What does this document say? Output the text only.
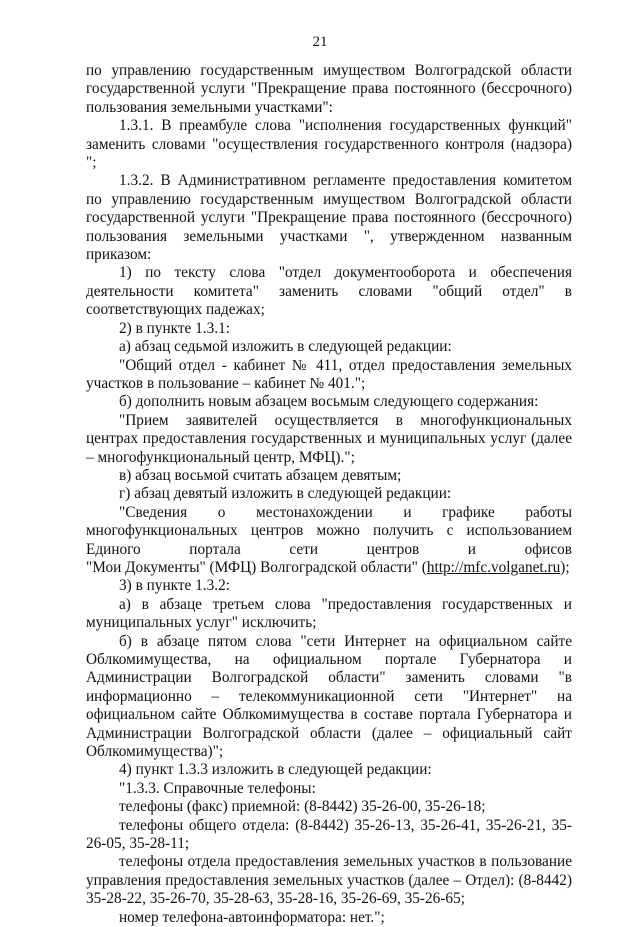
21

по управлению государственным имуществом Волгоградской области государственной услуги "Прекращение права постоянного (бессрочного) пользования земельными участками":

1.3.1. В преамбуле слова "исполнения государственных функций" заменить словами "осуществления государственного контроля (надзора) ";

1.3.2. В Административном регламенте предоставления комитетом по управлению государственным имуществом Волгоградской области государственной услуги "Прекращение права постоянного (бессрочного) пользования земельными участками ", утвержденном названным приказом:

1) по тексту слова "отдел документооборота и обеспечения деятельности комитета" заменить словами "общий отдел" в соответствующих падежах;

2) в пункте 1.3.1:

а) абзац седьмой изложить в следующей редакции:

"Общий отдел - кабинет № 411, отдел предоставления земельных участков в пользование – кабинет № 401.";

б) дополнить новым абзацем восьмым следующего содержания:

"Прием заявителей осуществляется в многофункциональных центрах предоставления государственных и муниципальных услуг (далее – многофункциональный центр, МФЦ).";

в) абзац восьмой считать абзацем девятым;

г) абзац девятый изложить в следующей редакции:

"Сведения о местонахождении и графике работы многофункциональных центров можно получить с использованием Единого портала сети центров и офисов

"Мои Документы" (МФЦ) Волгоградской области" (http://mfc.volganet.ru);

3) в пункте 1.3.2:

а) в абзаце третьем слова "предоставления государственных и муниципальных услуг" исключить;

б) в абзаце пятом слова "сети Интернет на официальном сайте Облкомимущества, на официальном портале Губернатора и Администрации Волгоградской области" заменить словами "в информационно – телекоммуникационной сети "Интернет" на официальном сайте Облкомимущества в составе портала Губернатора и Администрации Волгоградской области (далее – официальный сайт Облкомимущества)";

4) пункт 1.3.3 изложить в следующей редакции:

"1.3.3. Справочные телефоны:

телефоны (факс) приемной: (8-8442) 35-26-00, 35-26-18;

телефоны общего отдела: (8-8442) 35-26-13, 35-26-41, 35-26-21, 35-26-05, 35-28-11;

телефоны отдела предоставления земельных участков в пользование управления предоставления земельных участков (далее – Отдел): (8-8442) 35-28-22, 35-26-70, 35-28-63, 35-28-16, 35-26-69, 35-26-65;

номер телефона-автоинформатора: нет.";
